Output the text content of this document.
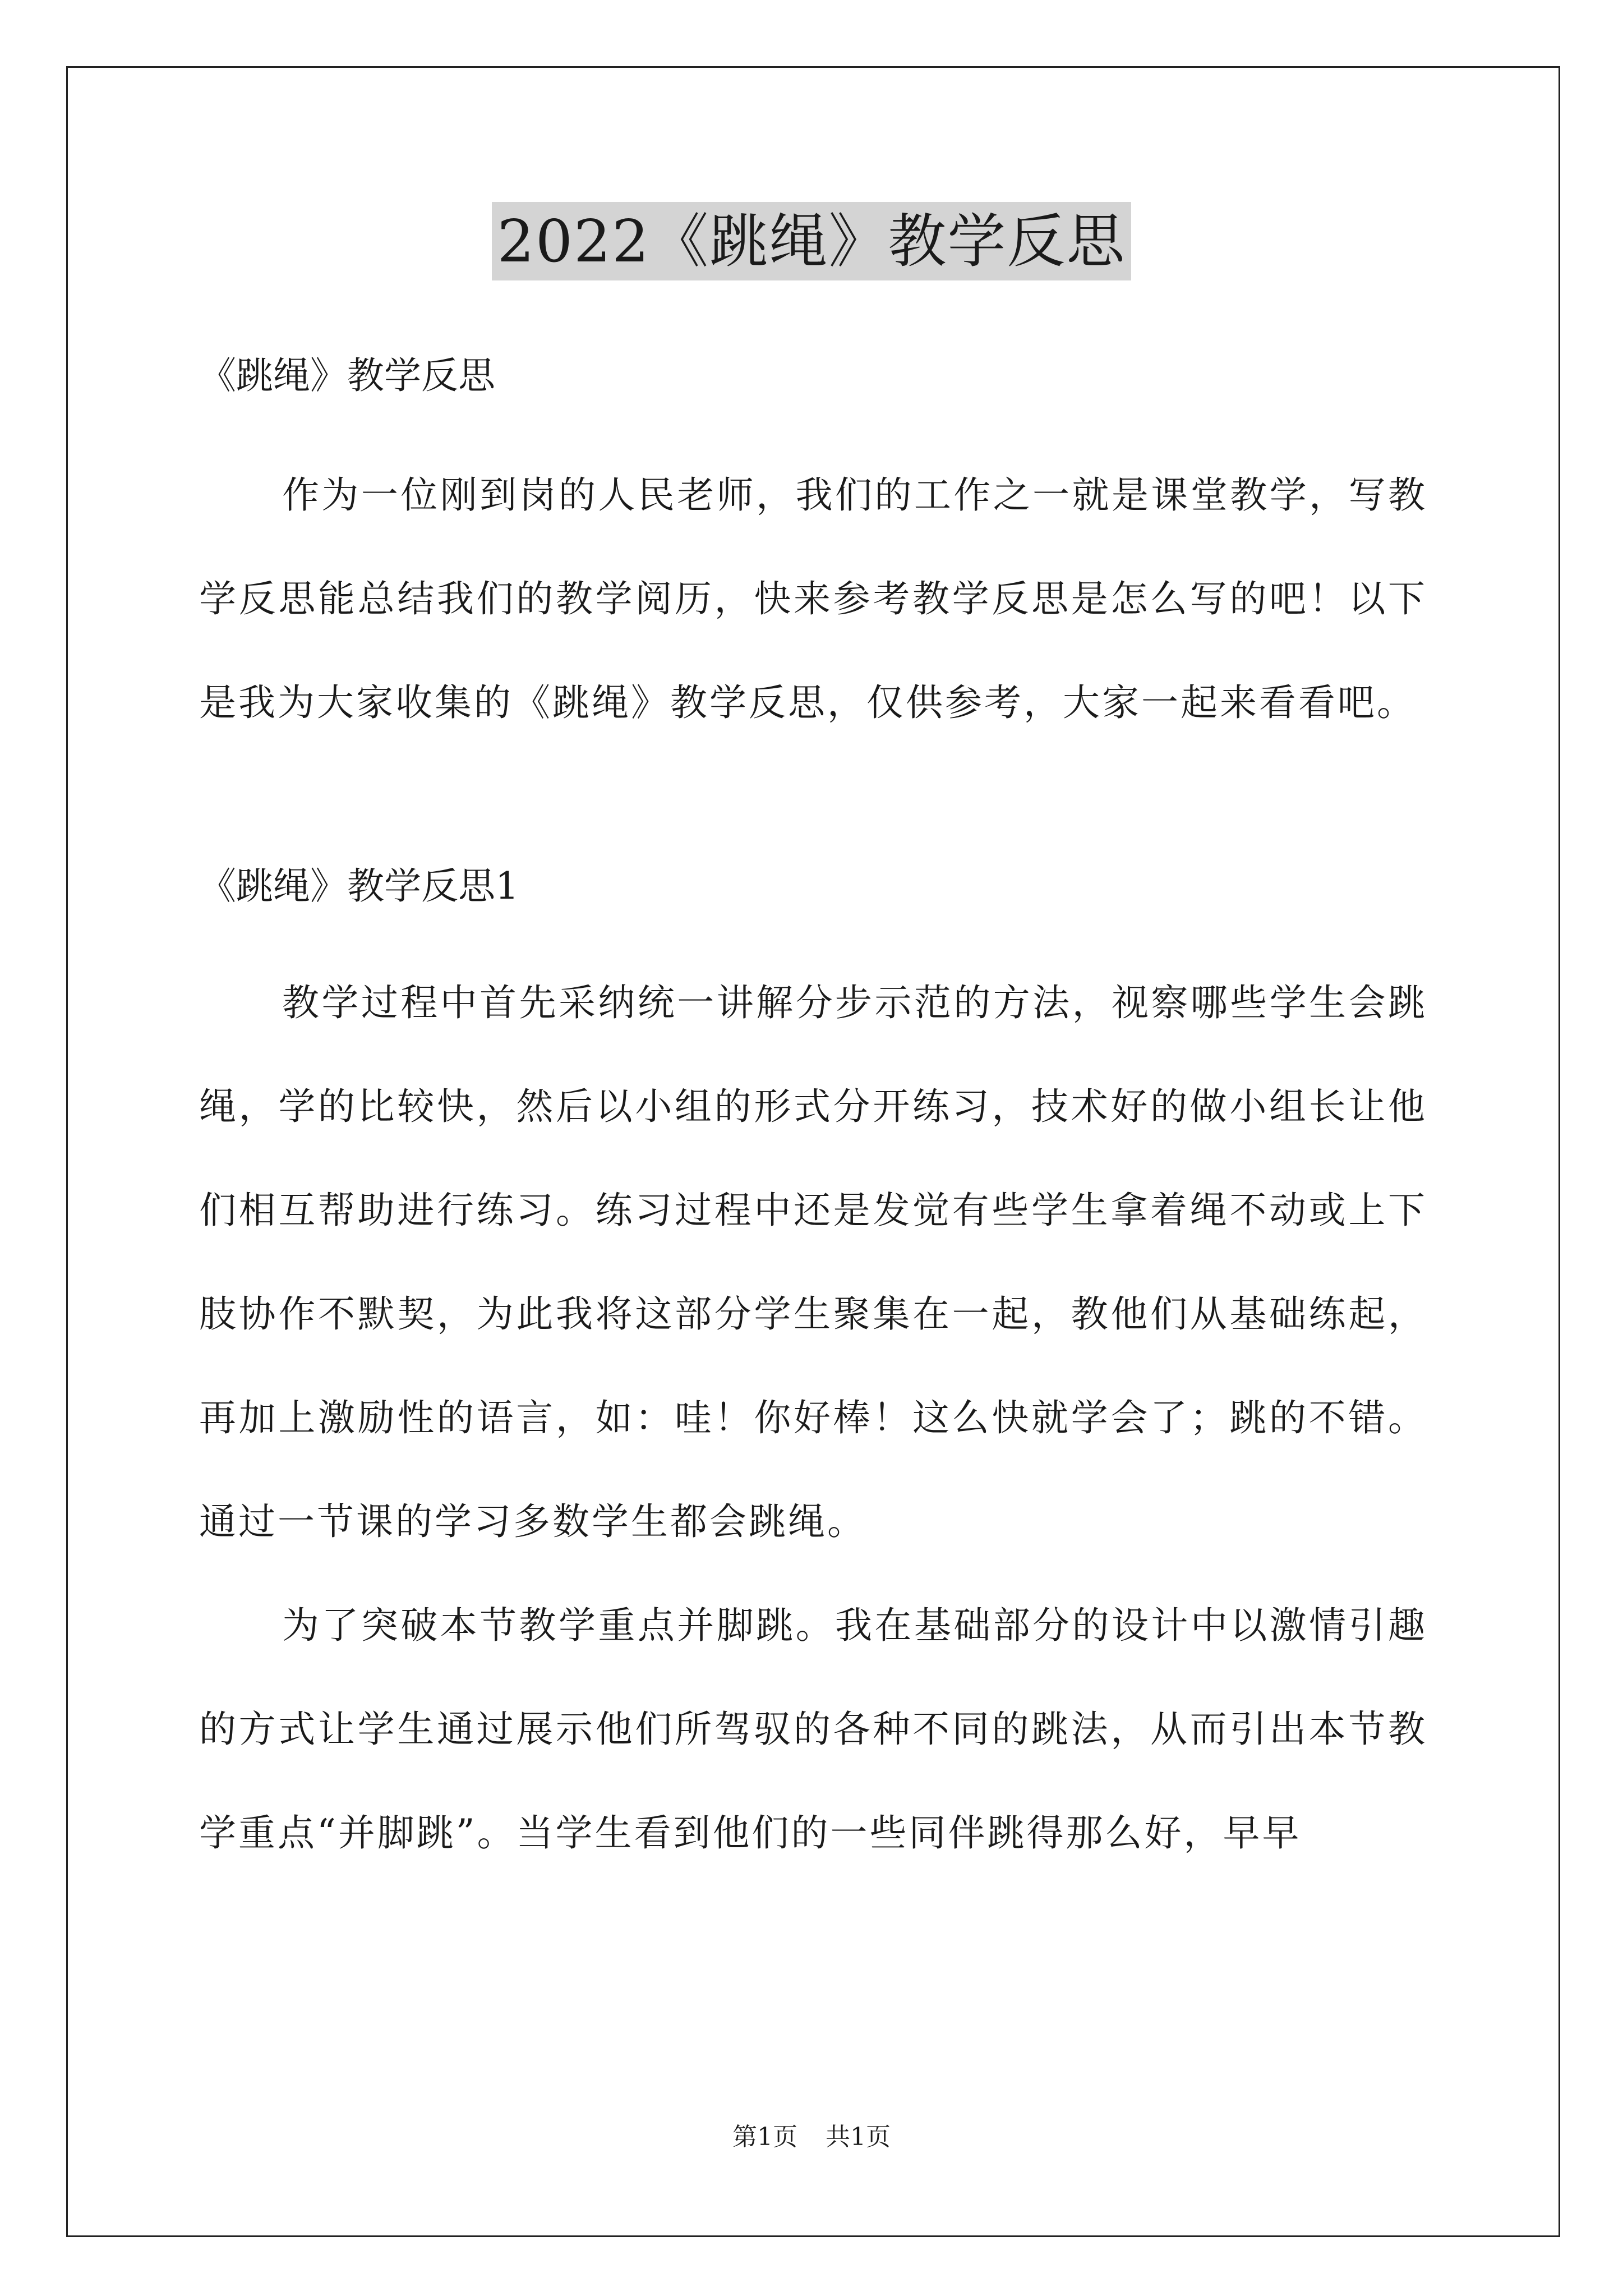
2022《跳绳》教学反思

《跳绳》教学反思

作为一位刚到岗的人民老师，我们的工作之一就是课堂教学，写教学反思能总结我们的教学阅历，快来参考教学反思是怎么写的吧！以下是我为大家收集的《跳绳》教学反思，仅供参考，大家一起来看看吧。

《跳绳》教学反思1

教学过程中首先采纳统一讲解分步示范的方法，视察哪些学生会跳绳，学的比较快，然后以小组的形式分开练习，技术好的做小组长让他们相互帮助进行练习。练习过程中还是发觉有些学生拿着绳不动或上下肢协作不默契，为此我将这部分学生聚集在一起，教他们从基础练起，再加上激励性的语言，如：哇！你好棒！这么快就学会了；跳的不错。通过一节课的学习多数学生都会跳绳。

为了突破本节教学重点并脚跳。我在基础部分的设计中以激情引趣的方式让学生通过展示他们所驾驭的各种不同的跳法，从而引出本节教学重点“并脚跳”。当学生看到他们的一些同伴跳得那么好，早早

第1页 共1页
